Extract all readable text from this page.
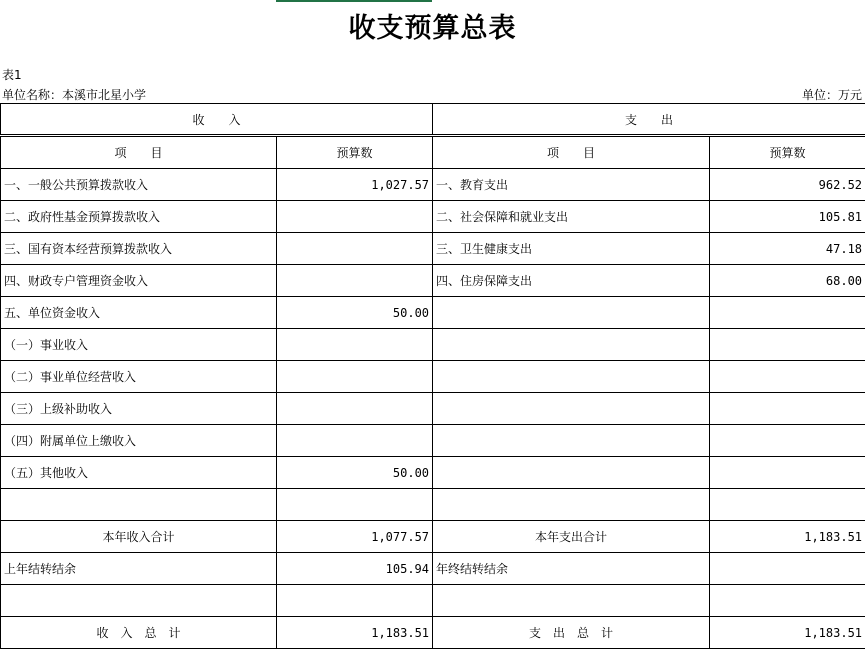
收支预算总表
表1
单位名称：本溪市北星小学	单位：万元
收　　入		支　　出	
项　　目	预算数	项　　目	预算数
一、一般公共预算拨款收入	1,027.57	一、教育支出	962.52
二、政府性基金预算拨款收入		二、社会保障和就业支出	105.81
三、国有资本经营预算拨款收入		三、卫生健康支出	47.18
四、财政专户管理资金收入		四、住房保障支出	68.00
五、单位资金收入	50.00		
（一）事业收入			
（二）事业单位经营收入			
（三）上级补助收入			
（四）附属单位上缴收入			
（五）其他收入	50.00		

本年收入合计	1,077.57	本年支出合计	1,183.51
上年结转结余	105.94	年终结转结余	

收　入　总　计	1,183.51	支　出　总　计	1,183.51
